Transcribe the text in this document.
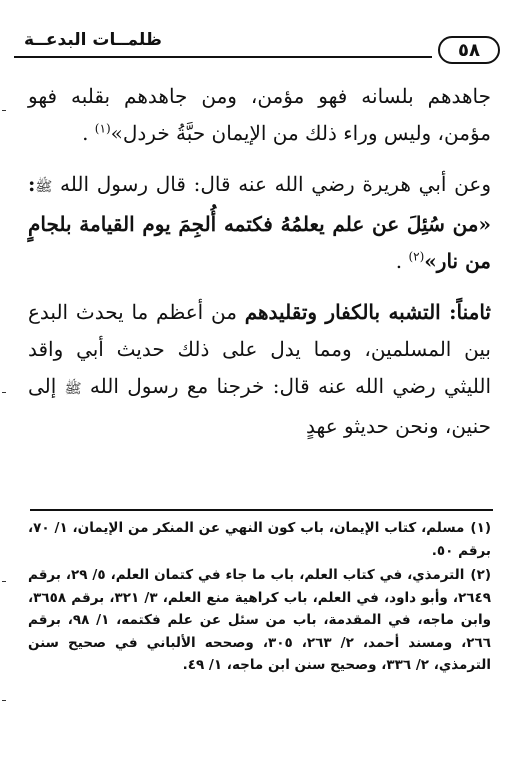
ظلمــات البدعــة	٥٨

جاهدهم بلسانه فهو مؤمن، ومن جاهدهم بقلبه فهو مؤمن، وليس وراء ذلك من الإيمان حبَّةُ خردل»$^{(١)}$ .

وعن أبي هريرة رضي الله عنه قال: قال رسول الله ﷺ: «من سُئِلَ عن علم يعلمُهُ فكتمه أُلجِمَ يوم القيامة بلجامٍ من نار»$^{(٢)}$ .

ثامناً: التشبه بالكفار وتقليدهم من أعظم ما يحدث البدع بين المسلمين، ومما يدل على ذلك حديث أبي واقد الليثي رضي الله عنه قال: خرجنا مع رسول الله ﷺ إلى حنين، ونحن حديثو عهدٍ

(١)مسلم، كتاب الإيمان، باب كون النهي عن المنكر من الإيمان، ١/ ٧٠، برقم ٥٠.

(٢)الترمذي، في كتاب العلم، باب ما جاء في كتمان العلم، ٥/ ٢٩، برقم ٢٦٤٩، وأبو داود، في العلم، باب كراهية منع العلم، ٣/ ٣٢١، برقم ٣٦٥٨، وابن ماجه، في المقدمة، باب من سئل عن علم فكتمه، ١/ ٩٨، برقم ٢٦٦، ومسند أحمد، ٢/ ٢٦٣، ٣٠٥، وصححه الألباني في صحيح سنن الترمذي، ٢/ ٣٣٦، وصحيح سنن ابن ماجه، ١/ ٤٩.
